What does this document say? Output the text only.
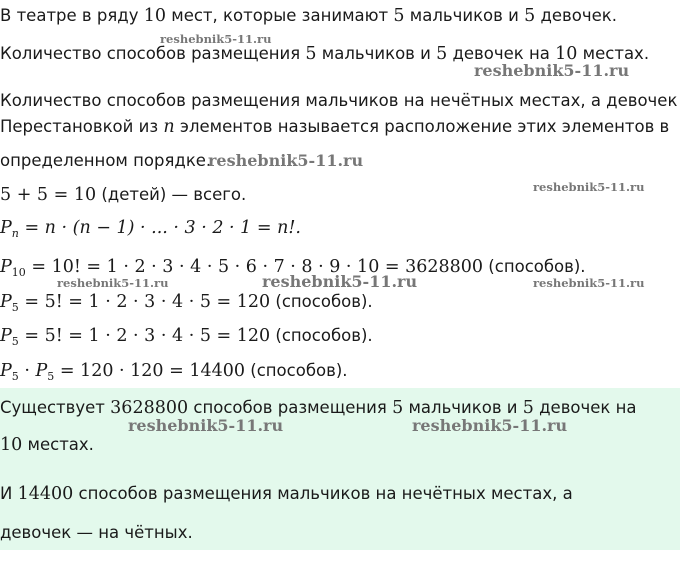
В театре в ряду 10 мест, которые занимают 5 мальчиков и 5 девочек.
Количество способов размещения 5 мальчиков и 5 девочек на 10 местах.
Количество способов размещения мальчиков на нечётных местах, а девочек
Перестановкой из n элементов называется расположение этих элементов в
определенном порядке.
5 + 5 = 10 (детей) — всего.
$P_n = n \cdot (n - 1)$ · ... · 3 · 2 · 1 = n!.
$P_{10} = 10$! = 1 · 2 · 3 · 4 · 5 · 6 · 7 · 8 · 9 · 10 = 3628800 (способов).
$P_5 = 5$! = 1 · 2 · 3 · 4 · 5 = 120 (способов).
$P_5 = 5$! = 1 · 2 · 3 · 4 · 5 = 120 (способов).
$P_5 \cdot P_5 = 120 \cdot 120 = 14400$ (способов).
Существует 3628800 способов размещения 5 мальчиков и 5 девочек на
10 местах.
И 14400 способов размещения мальчиков на нечётных местах, а
девочек — на чётных.
reshebnik5-11.ru
reshebnik5-11.ru
reshebnik5-11.ru
reshebnik5-11.ru
reshebnik5-11.ru	reshebnik5-11.ru	reshebnik5-11.ru
reshebnik5-11.ru	reshebnik5-11.ru
